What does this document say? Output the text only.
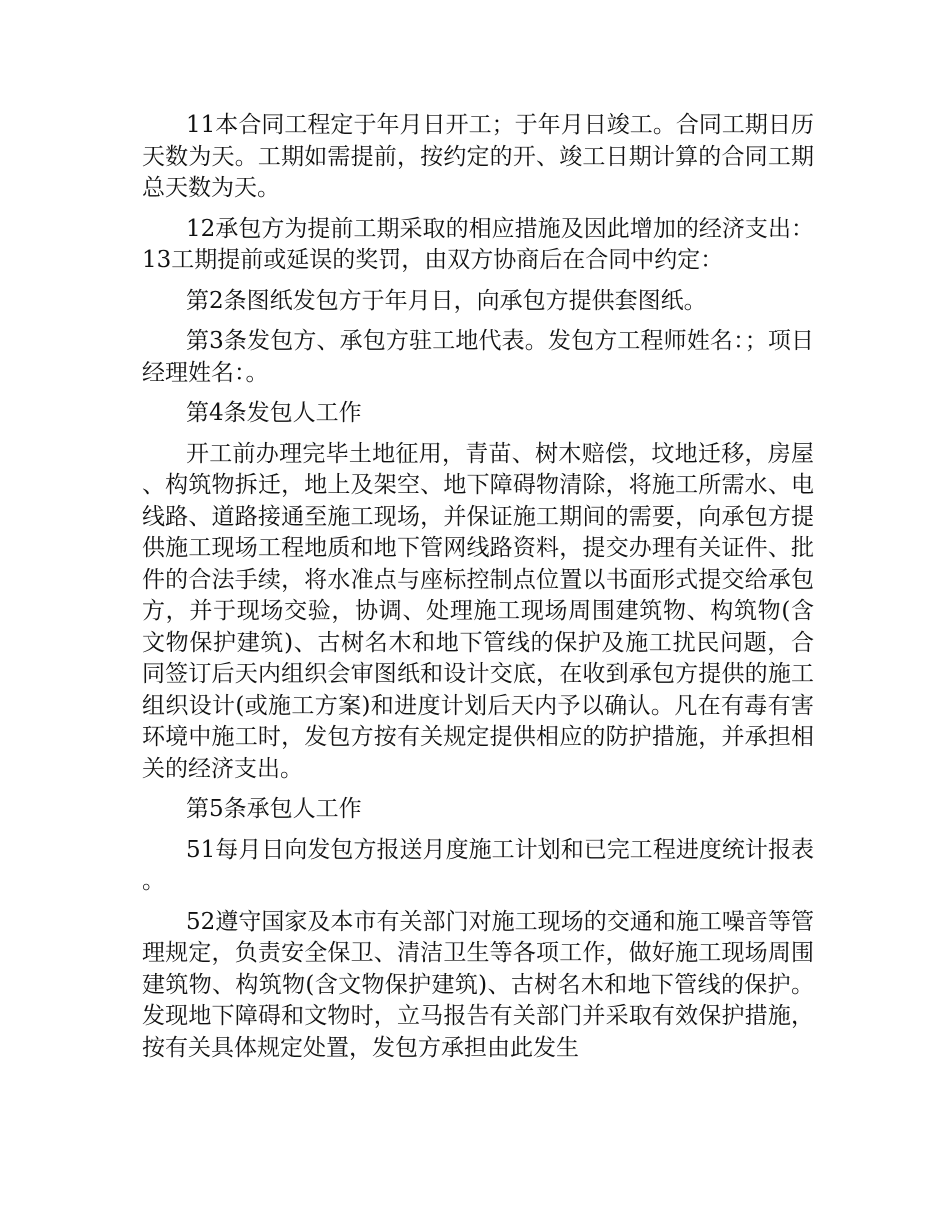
11本合同工程定于年月日开工；于年月日竣工。合同工期日历天数为天。工期如需提前，按约定的开、竣工日期计算的合同工期总天数为天。

12承包方为提前工期采取的相应措施及因此增加的经济支出：13工期提前或延误的奖罚，由双方协商后在合同中约定：

第2条图纸发包方于年月日，向承包方提供套图纸。

第3条发包方、承包方驻工地代表。发包方工程师姓名：；项日经理姓名：。

第4条发包人工作

开工前办理完毕土地征用，青苗、树木赔偿，坟地迁移，房屋、构筑物拆迁，地上及架空、地下障碍物清除，将施工所需水、电线路、道路接通至施工现场，并保证施工期间的需要，向承包方提供施工现场工程地质和地下管网线路资料，提交办理有关证件、批件的合法手续，将水准点与座标控制点位置以书面形式提交给承包方，并于现场交验，协调、处理施工现场周围建筑物、构筑物(含文物保护建筑)、古树名木和地下管线的保护及施工扰民问题，合同签订后天内组织会审图纸和设计交底，在收到承包方提供的施工组织设计(或施工方案)和进度计划后天内予以确认。凡在有毒有害环境中施工时，发包方按有关规定提供相应的防护措施，并承担相关的经济支出。

第5条承包人工作

51每月日向发包方报送月度施工计划和已完工程进度统计报表。

52遵守国家及本市有关部门对施工现场的交通和施工噪音等管理规定，负责安全保卫、清洁卫生等各项工作，做好施工现场周围建筑物、构筑物(含文物保护建筑)、古树名木和地下管线的保护。发现地下障碍和文物时，立马报告有关部门并采取有效保护措施，按有关具体规定处置，发包方承担由此发生
